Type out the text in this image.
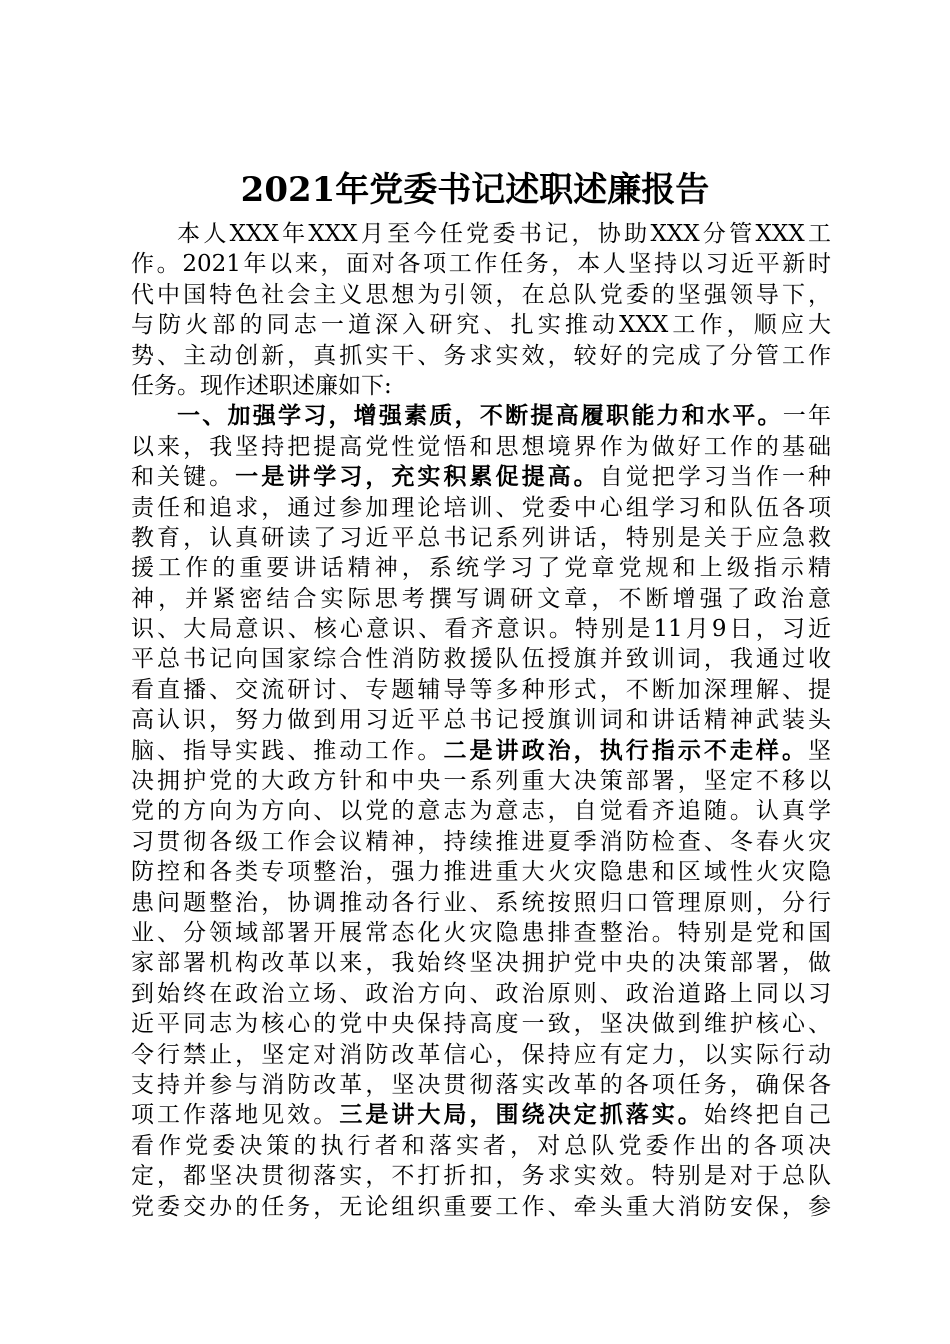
2021年党委书记述职述廉报告
本人XXX年XXX月至今任党委书记，协助XXX分管XXX工
作。2021年以来，面对各项工作任务，本人坚持以习近平新时
代中国特色社会主义思想为引领，在总队党委的坚强领导下，
与防火部的同志一道深入研究、扎实推动XXX工作，顺应大
势、主动创新，真抓实干、务求实效，较好的完成了分管工作
任务。现作述职述廉如下:
一、加强学习，增强素质，不断提高履职能力和水平。一年
以来，我坚持把提高党性觉悟和思想境界作为做好工作的基础
和关键。一是讲学习，充实积累促提高。自觉把学习当作一种
责任和追求，通过参加理论培训、党委中心组学习和队伍各项
教育，认真研读了习近平总书记系列讲话，特别是关于应急救
援工作的重要讲话精神，系统学习了党章党规和上级指示精
神，并紧密结合实际思考撰写调研文章，不断增强了政治意
识、大局意识、核心意识、看齐意识。特别是11月9日，习近
平总书记向国家综合性消防救援队伍授旗并致训词，我通过收
看直播、交流研讨、专题辅导等多种形式，不断加深理解、提
高认识，努力做到用习近平总书记授旗训词和讲话精神武装头
脑、指导实践、推动工作。二是讲政治，执行指示不走样。坚
决拥护党的大政方针和中央一系列重大决策部署，坚定不移以
党的方向为方向、以党的意志为意志，自觉看齐追随。认真学
习贯彻各级工作会议精神，持续推进夏季消防检查、冬春火灾
防控和各类专项整治，强力推进重大火灾隐患和区域性火灾隐
患问题整治，协调推动各行业、系统按照归口管理原则，分行
业、分领域部署开展常态化火灾隐患排查整治。特别是党和国
家部署机构改革以来，我始终坚决拥护党中央的决策部署，做
到始终在政治立场、政治方向、政治原则、政治道路上同以习
近平同志为核心的党中央保持高度一致，坚决做到维护核心、
令行禁止，坚定对消防改革信心，保持应有定力，以实际行动
支持并参与消防改革，坚决贯彻落实改革的各项任务，确保各
项工作落地见效。三是讲大局，围绕决定抓落实。始终把自己
看作党委决策的执行者和落实者，对总队党委作出的各项决
定，都坚决贯彻落实，不打折扣，务求实效。特别是对于总队
党委交办的任务，无论组织重要工作、牵头重大消防安保，参
